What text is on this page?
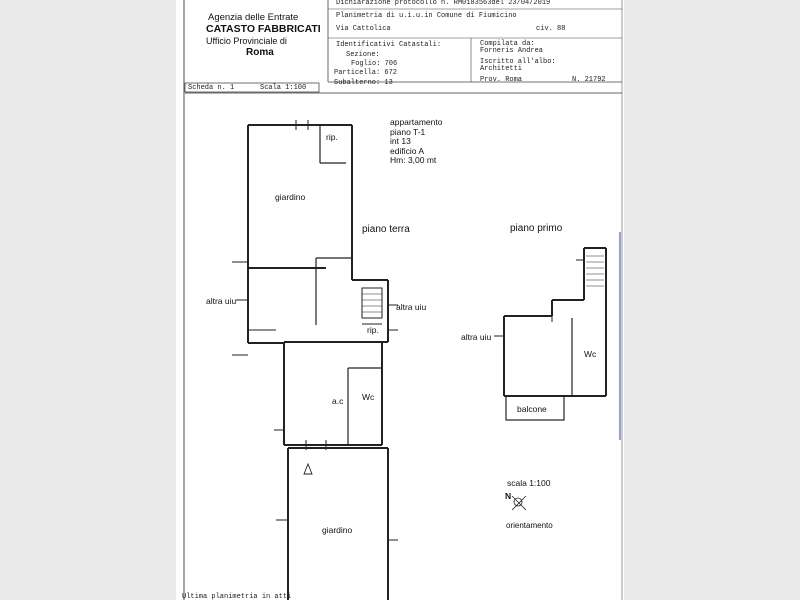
Agenzia delle Entrate
CATASTO FABBRICATI
Ufficio Provinciale di
Roma
Dichiarazione protocollo n. RM0183563del 23/04/2019
Planimetria di u.i.u.in Comune di Fiumicino
Via Cattolica	civ. 88
Identificativi Catastali:
Sezione:
Foglio: 706
Particella: 672
Subalterno: 13
Compilata da:
Forneris Andrea
Iscritto all'albo:
Architetti
Prov. Roma	N. 21792
Scheda n. 1	Scala 1:100
appartamento
piano T-1
int 13
edificio A
Hm: 3,00 mt
rip.
giardino
piano terra	piano primo
altra uiu
altra uiu
altra uiu
rip.
a.c Wc
Wc
balcone
giardino
scala 1:100
N
orientamento
Ultima planimetria in atti
